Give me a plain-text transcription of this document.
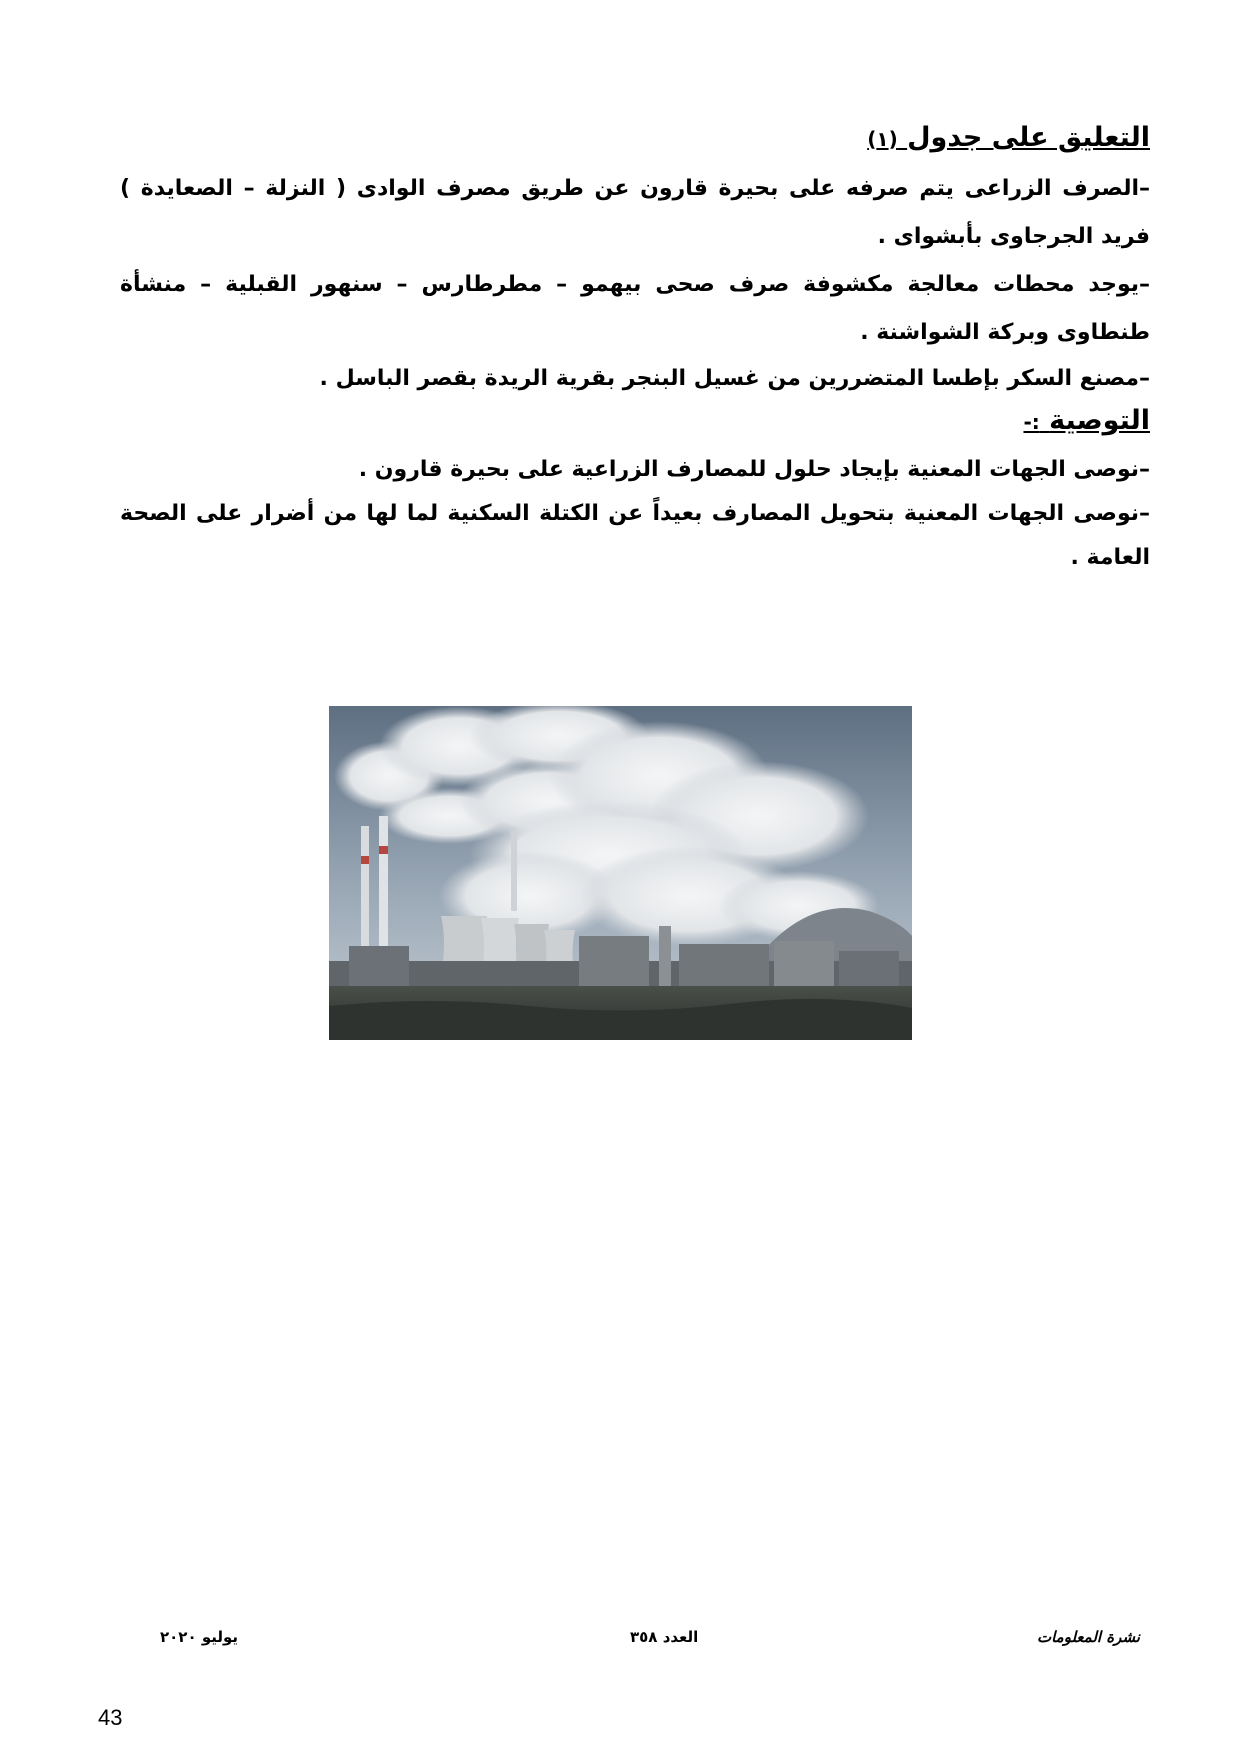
التعليق على جدول (١)

–الصرف الزراعى يتم صرفه على بحيرة قارون عن طريق مصرف الوادى ( النزلة – الصعايدة ) فريد الجرجاوى بأبشواى .

–يوجد محطات معالجة مكشوفة صرف صحى بيهمو – مطرطارس – سنهور القبلية – منشأة طنطاوى وبركة الشواشنة .

–مصنع السكر بإطسا المتضررين من غسيل البنجر بقرية الريدة بقصر الباسل .

التوصية :-

–نوصى الجهات المعنية بإيجاد حلول للمصارف الزراعية على بحيرة قارون .

–نوصى الجهات المعنية بتحويل المصارف بعيداً عن الكتلة السكنية لما لها من أضرار على الصحة العامة .

نشرة المعلومات
العدد ٣٥٨
يوليو ٢٠٢٠
43
